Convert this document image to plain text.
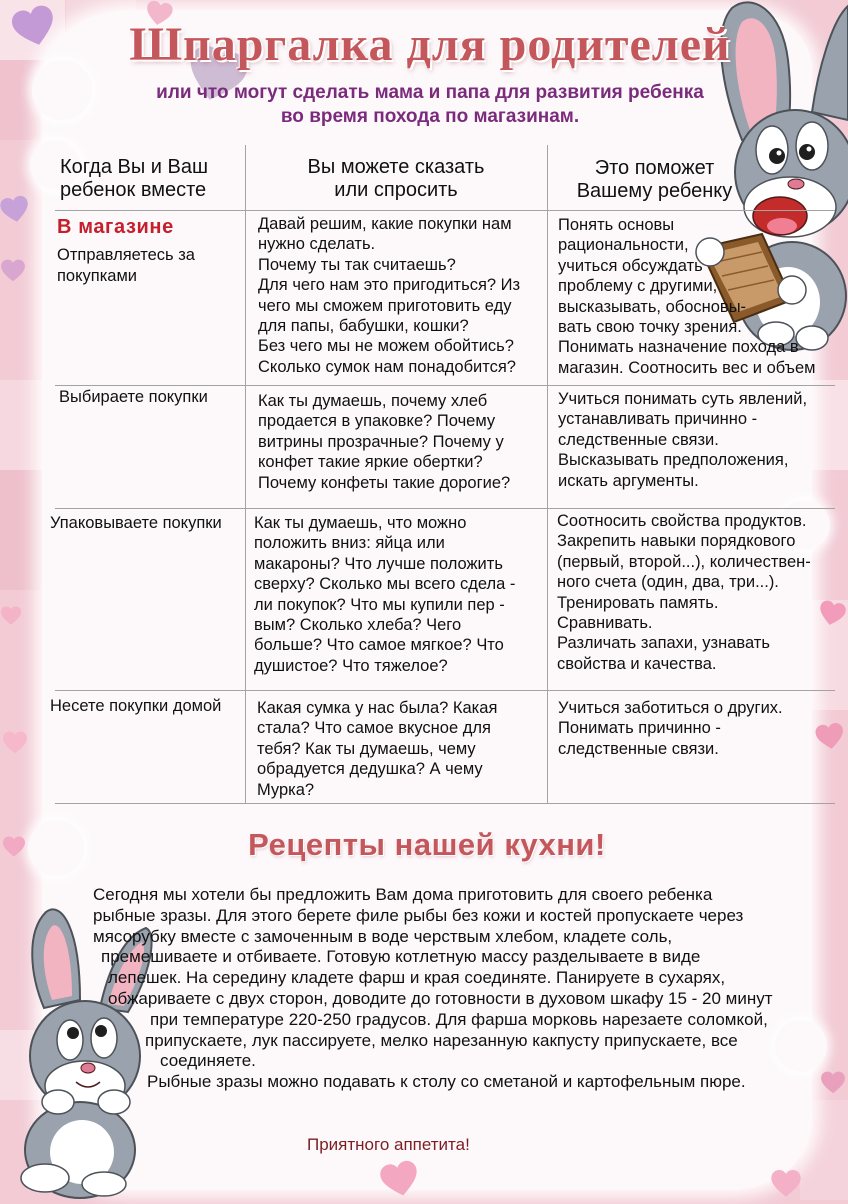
Шпаргалка для родителей
или что могут сделать мама и папа для развития ребенка
во время похода по магазинам.
Когда Вы и Ваш
ребенок вместе
Вы можете сказать
или спросить
Это поможет
Вашему ребенку
В магазине
Отправляетесь за
покупками
Давай решим, какие покупки нам
нужно сделать.
Почему ты так считаешь?
Для чего нам это пригодиться? Из
чего мы сможем приготовить еду
для папы, бабушки, кошки?
Без чего мы не можем обойтись?
Сколько сумок нам понадобится?
Понять основы
рациональности,
учиться обсуждать
проблему с другими,
высказывать, обосновы-
вать свою точку зрения.
Понимать назначение похода в
магазин. Соотносить вес и объем
Выбираете покупки	Как ты думаешь, почему хлеб
продается в упаковке? Почему
витрины прозрачные? Почему у
конфет такие яркие обертки?
Почему конфеты такие дорогие?
Учиться понимать суть явлений,
устанавливать причинно -
следственные связи.
Высказывать предположения,
искать аргументы.
Упаковываете покупки Как ты думаешь, что можно
положить вниз: яйца или
макароны? Что лучше положить
сверху? Сколько мы всего сдела -
ли покупок? Что мы купили пер -
вым? Сколько хлеба? Чего
больше? Что самое мягкое? Что
душистое? Что тяжелое?
Соотносить свойства продуктов.
Закрепить навыки порядкового
(первый, второй...), количествен-
ного счета (один, два, три...).
Тренировать память.
Сравнивать.
Различать запахи, узнавать
свойства и качества.
Несете покупки домой Какая сумка у нас была? Какая
стала? Что самое вкусное для
тебя? Как ты думаешь, чему
обрадуется дедушка? А чему
Мурка?
Учиться заботиться о других.
Понимать причинно -
следственные связи.
Рецепты нашей кухни!
Сегодня мы хотели бы предложить Вам дома приготовить для своего ребенка
рыбные зразы. Для этого берете филе рыбы без кожи и костей пропускаете через
мясорубку вместе с замоченным в воде черствым хлебом, кладете соль,
премешиваете и отбиваете. Готовую котлетную массу разделываете в виде
лепешек. На середину кладете фарш и края соединяте. Панируете в сухарях,
обжариваете с двух сторон, доводите до готовности в духовом шкафу 15 - 20 минут
при температуре 220-250 градусов. Для фарша морковь нарезаете соломкой,
припускаете, лук пассируете, мелко нарезанную какпусту припускаете, все
соединяете.
Рыбные зразы можно подавать к столу со сметаной и картофельным пюре.
Приятного аппетита!
